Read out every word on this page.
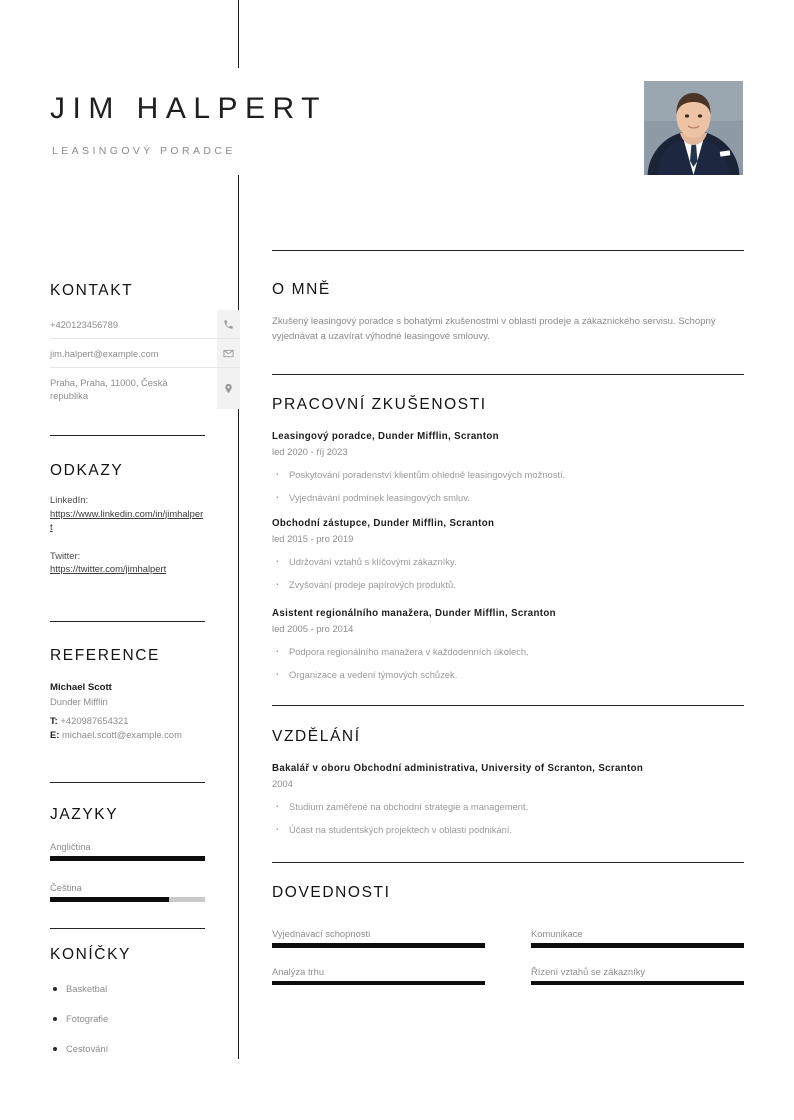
JIM HALPERT
LEASINGOVÝ PORADCE
KONTAKT
+420123456789
jim.halpert@example.com
Praha, Praha, 11000, Česká republika
ODKAZY
LinkedIn:
https://www.linkedin.com/in/jimhalpert
Twitter:
https://twitter.com/jimhalpert
REFERENCE
Michael Scott
Dunder Mifflin
T: +420987654321
E: michael.scott@example.com
JAZYKY
Angličtina
Čeština
KONÍČKY
Basketbal
Fotografie
Cestování
O MNĚ
Zkušený leasingový poradce s bohatými zkušenostmi v oblasti prodeje a zákaznického servisu. Schopný vyjednávat a uzavírat výhodné leasingové smlouvy.
PRACOVNÍ ZKUŠENOSTI
Leasingový poradce, Dunder Mifflin, Scranton
led 2020 - říj 2023
· Poskytování poradenství klientům ohledně leasingových možností.
· Vyjednávání podmínek leasingových smluv.
Obchodní zástupce, Dunder Mifflin, Scranton
led 2015 - pro 2019
· Udržování vztahů s klíčovými zákazníky.
· Zvyšování prodeje papírových produktů.
Asistent regionálního manažera, Dunder Mifflin, Scranton
led 2005 - pro 2014
· Podpora regionálního manažera v každodenních úkolech.
· Organizace a vedení týmových schůzek.
VZDĚLÁNÍ
Bakalář v oboru Obchodní administrativa, University of Scranton, Scranton
2004
· Studium zaměřené na obchodní strategie a management.
· Účast na studentských projektech v oblasti podnikání.
DOVEDNOSTI
Vyjednávací schopnosti	Komunikace
Analýza trhu	Řízení vztahů se zákazníky
